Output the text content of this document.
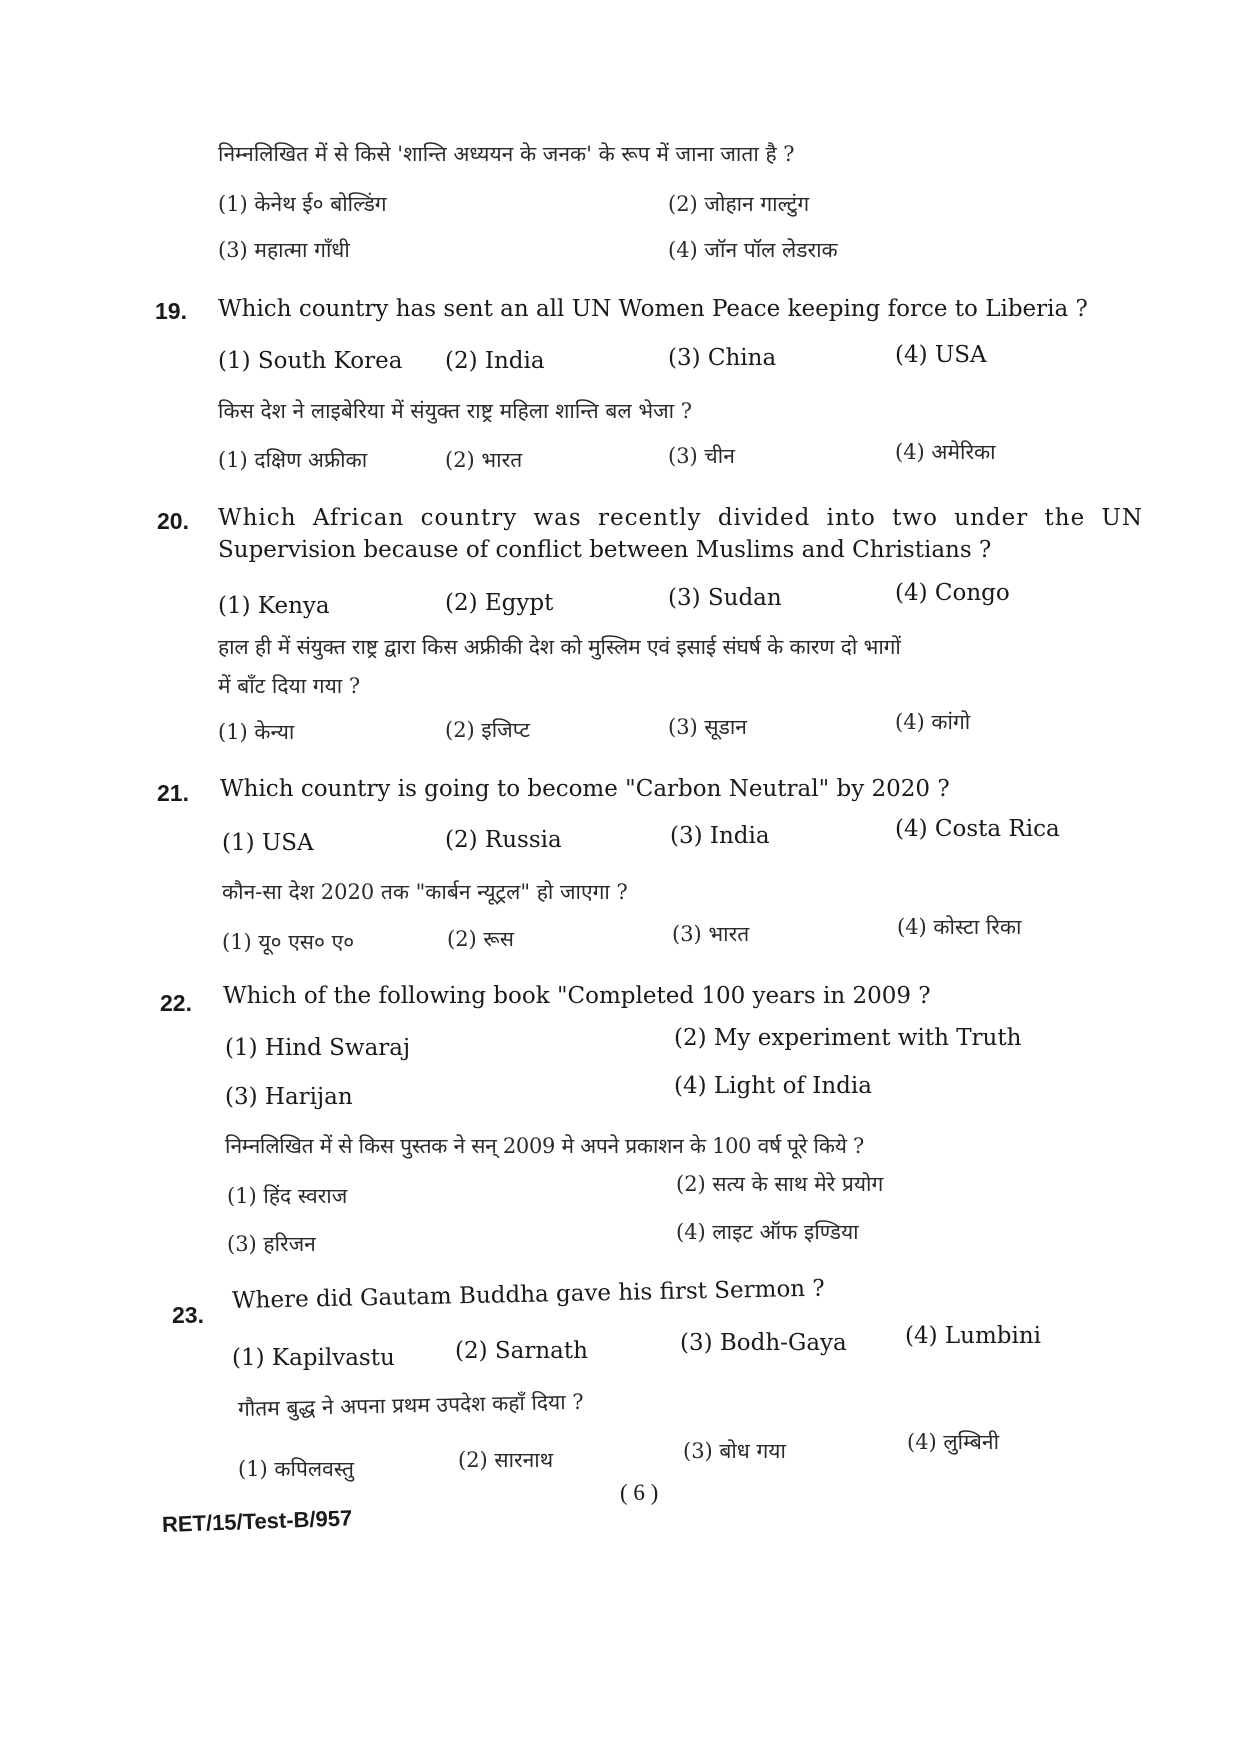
निम्नलिखित में से किसे 'शान्ति अध्ययन के जनक' के रूप में जाना जाता है ?
(1) केनेथ ई० बोल्डिंग	(2) जोहान गाल्टुंग
(3) महात्मा गाँधी	(4) जॉन पॉल लेडराक
19. Which country has sent an all UN Women Peace keeping force to Liberia ?
(1) South Korea (2) India	(3) China	(4) USA
किस देश ने लाइबेरिया में संयुक्त राष्ट्र महिला शान्ति बल भेजा ?
(1) दक्षिण अफ्रीका	(2) भारत	(3) चीन	(4) अमेरिका
20. Which African country was recently divided into two under the UN
Supervision because of conflict between Muslims and Christians ?
(1) Kenya	(2) Egypt	(3) Sudan	(4) Congo
हाल ही में संयुक्त राष्ट्र द्वारा किस अफ्रीकी देश को मुस्लिम एवं इसाई संघर्ष के कारण दो भागों
में बाँट दिया गया ?
(1) केन्या	(2) इजिप्ट	(3) सूडान	(4) कांगो
21. Which country is going to become "Carbon Neutral" by 2020 ?
(1) USA	(2) Russia	(3) India	(4) Costa Rica
कौन-सा देश 2020 तक "कार्बन न्यूट्रल" हो जाएगा ?
(1) यू० एस० ए०	(2) रूस	(3) भारत	(4) कोस्टा रिका
22. Which of the following book "Completed 100 years in 2009 ?
(1) Hind Swaraj	(2) My experiment with Truth
(3) Harijan	(4) Light of India
निम्नलिखित में से किस पुस्तक ने सन् 2009 मे अपने प्रकाशन के 100 वर्ष पूरे किये ?
(1) हिंद स्वराज	(2) सत्य के साथ मेरे प्रयोग
(3) हरिजन	(4) लाइट ऑफ इण्डिया
23.
Where did Gautam Buddha gave his first Sermon ?
(1) Kapilvastu	(2) Sarnath	(3) Bodh-Gaya	(4) Lumbini
गौतम बुद्ध ने अपना प्रथम उपदेश कहाँ दिया ?
(1) कपिलवस्तु	(2) सारनाथ	(3) बोध गया	(4) लुम्बिनी
( 6 )
RET/15/Test-B/957
